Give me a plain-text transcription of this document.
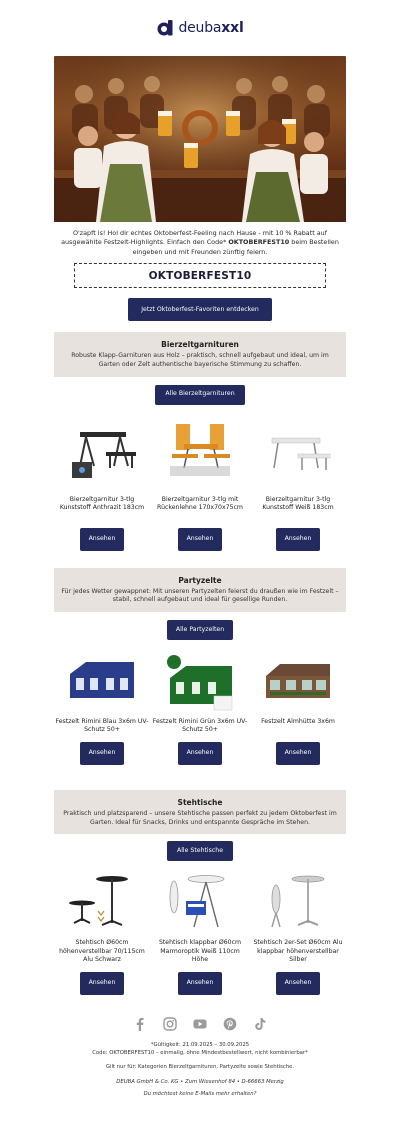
deubaxxl

O'zapft is! Hol dir echtes Oktoberfest-Feeling nach Hause - mit 10 % Rabatt auf ausgewählte Festzelt-Highlights. Einfach den Code* OKTOBERFEST10 beim Bestellen eingeben und mit Freunden zünftig feiern.

OKTOBERFEST10
Jetzt Oktoberfest-Favoriten entdecken
Bierzeltgarnituren

Robuste Klapp-Garnituren aus Holz – praktisch, schnell aufgebaut und ideal, um im Garten oder Zelt authentische bayerische Stimmung zu schaffen.

Alle Bierzeltgarnituren
Bierzeltgarnitur 3-tlg Kunststoff Anthrazit 183cm
Ansehen
Bierzeltgarnitur 3-tlg mit Rückenlehne 170x70x75cm
Ansehen
Bierzeltgarnitur 3-tlg Kunststoff Weiß 183cm
Ansehen
Partyzelte

Für jedes Wetter gewappnet: Mit unseren Partyzelten feierst du draußen wie im Festzelt – stabil, schnell aufgebaut und ideal für gesellige Runden.

Alle Partyzelten
Festzelt Rimini Blau 3x6m UV-Schutz 50+
Ansehen
Festzelt Rimini Grün 3x6m UV-Schutz 50+
Ansehen
Festzelt Almhütte 3x6m
Ansehen
Stehtische

Praktisch und platzsparend – unsere Stehtische passen perfekt zu jedem Oktoberfest im Garten. Ideal für Snacks, Drinks und entspannte Gespräche im Stehen.

Alle Stehtische
Stehtisch Ø60cm höhenverstellbar 70/115cm Alu Schwarz
Ansehen
Stehtisch klappbar Ø60cm Marmoroptik Weiß 110cm Höhe
Ansehen
Stehtisch 2er-Set Ø60cm Alu klappbar höhenverstellbar Silber
Ansehen

*Gültigkeit: 21.09.2025 – 30.09.2025

Code: OKTOBERFEST10 – einmalig, ohne Mindestbestellwert, nicht kombinierbar*

Gilt nur für: Kategorien Bierzeltgarnituren, Partyzelte sowie Stehtische.

DEUBA GmbH & Co. KG • Zum Wiesenhof 84 • D-66663 Merzig

Du möchtest keine E-Mails mehr erhalten?
